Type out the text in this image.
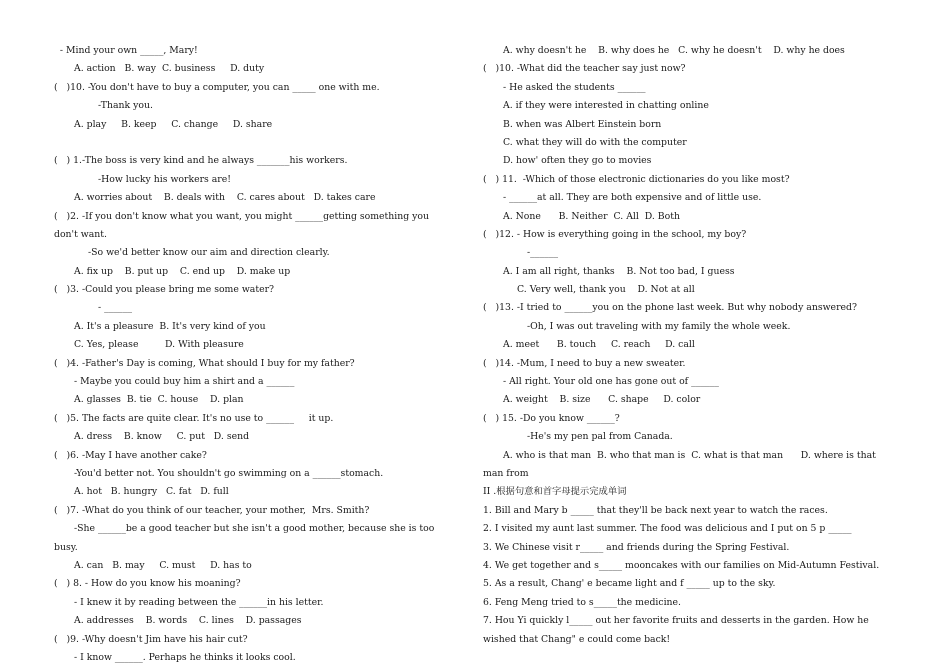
- Mind your own _____, Mary!
A. action   B. way  C. business     D. duty
(   )10. -You don't have to buy a computer, you can _____ one with me.
-Thank you.
A. play     B. keep     C. change     D. share
(   ) 1.-The boss is very kind and he always _______his workers.
-How lucky his workers are!
A. worries about    B. deals with    C. cares about   D. takes care
(   )2. -If you don't know what you want, you might ______getting something you
don't want.
-So we'd better know our aim and direction clearly.
A. fix up    B. put up    C. end up    D. make up
(   )3. -Could you please bring me some water?
- ______
A. It's a pleasure  B. It's very kind of you
C. Yes, please         D. With pleasure
(   )4. -Father's Day is coming, What should I buy for my father?
- Maybe you could buy him a shirt and a ______
A. glasses  B. tie  C. house    D. plan
(   )5. The facts are quite clear. It's no use to ______     it up.
A. dress    B. know     C. put   D. send
(   )6. -May I have another cake?
-You'd better not. You shouldn't go swimming on a ______stomach.
A. hot   B. hungry   C. fat   D. full
(   )7. -What do you think of our teacher, your mother,  Mrs. Smith?
-She ______be a good teacher but she isn't a good mother, because she is too
busy.
A. can   B. may     C. must     D. has to
(   ) 8. - How do you know his moaning?
- I knew it by reading between the ______in his letter.
A. addresses    B. words    C. lines    D. passages
(   )9. -Why doesn't Jim have his hair cut?
- I know ______. Perhaps he thinks it looks cool.
A. why doesn't he    B. why does he   C. why he doesn't    D. why he does
(   )10. -What did the teacher say just now?
- He asked the students ______
A. if they were interested in chatting online
B. when was Albert Einstein born
C. what they will do with the computer
D. how' often they go to movies
(   ) 11.  -Which of those electronic dictionaries do you like most?
- ______at all. They are both expensive and of little use.
A. None      B. Neither  C. All  D. Both
(   )12. - How is everything going in the school, my boy?
-______
A. I am all right, thanks    B. Not too bad, I guess
C. Very well, thank you    D. Not at all
(   )13. -I tried to ______you on the phone last week. But why nobody answered?
-Oh, I was out traveling with my family the whole week.
A. meet      B. touch     C. reach     D. call
(   )14. -Mum, I need to buy a new sweater.
- All right. Your old one has gone out of ______
A. weight    B. size      C. shape     D. color
(   ) 15. -Do you know ______?
-He's my pen pal from Canada.
A. who is that man  B. who that man is  C. what is that man      D. where is that
man from
II .根据句意和首字母提示完成单词
1. Bill and Mary b _____ that they'll be back next year to watch the races.
2. I visited my aunt last summer. The food was delicious and I put on 5 p _____
3. We Chinese visit r_____ and friends during the Spring Festival.
4. We get together and s_____ mooncakes with our families on Mid-Autumn Festival.
5. As a result, Chang' e became light and f _____ up to the sky.
6. Feng Meng tried to s_____the medicine.
7. Hou Yi quickly l_____ out her favorite fruits and desserts in the garden. How he
wished that Chang" e could come back!
